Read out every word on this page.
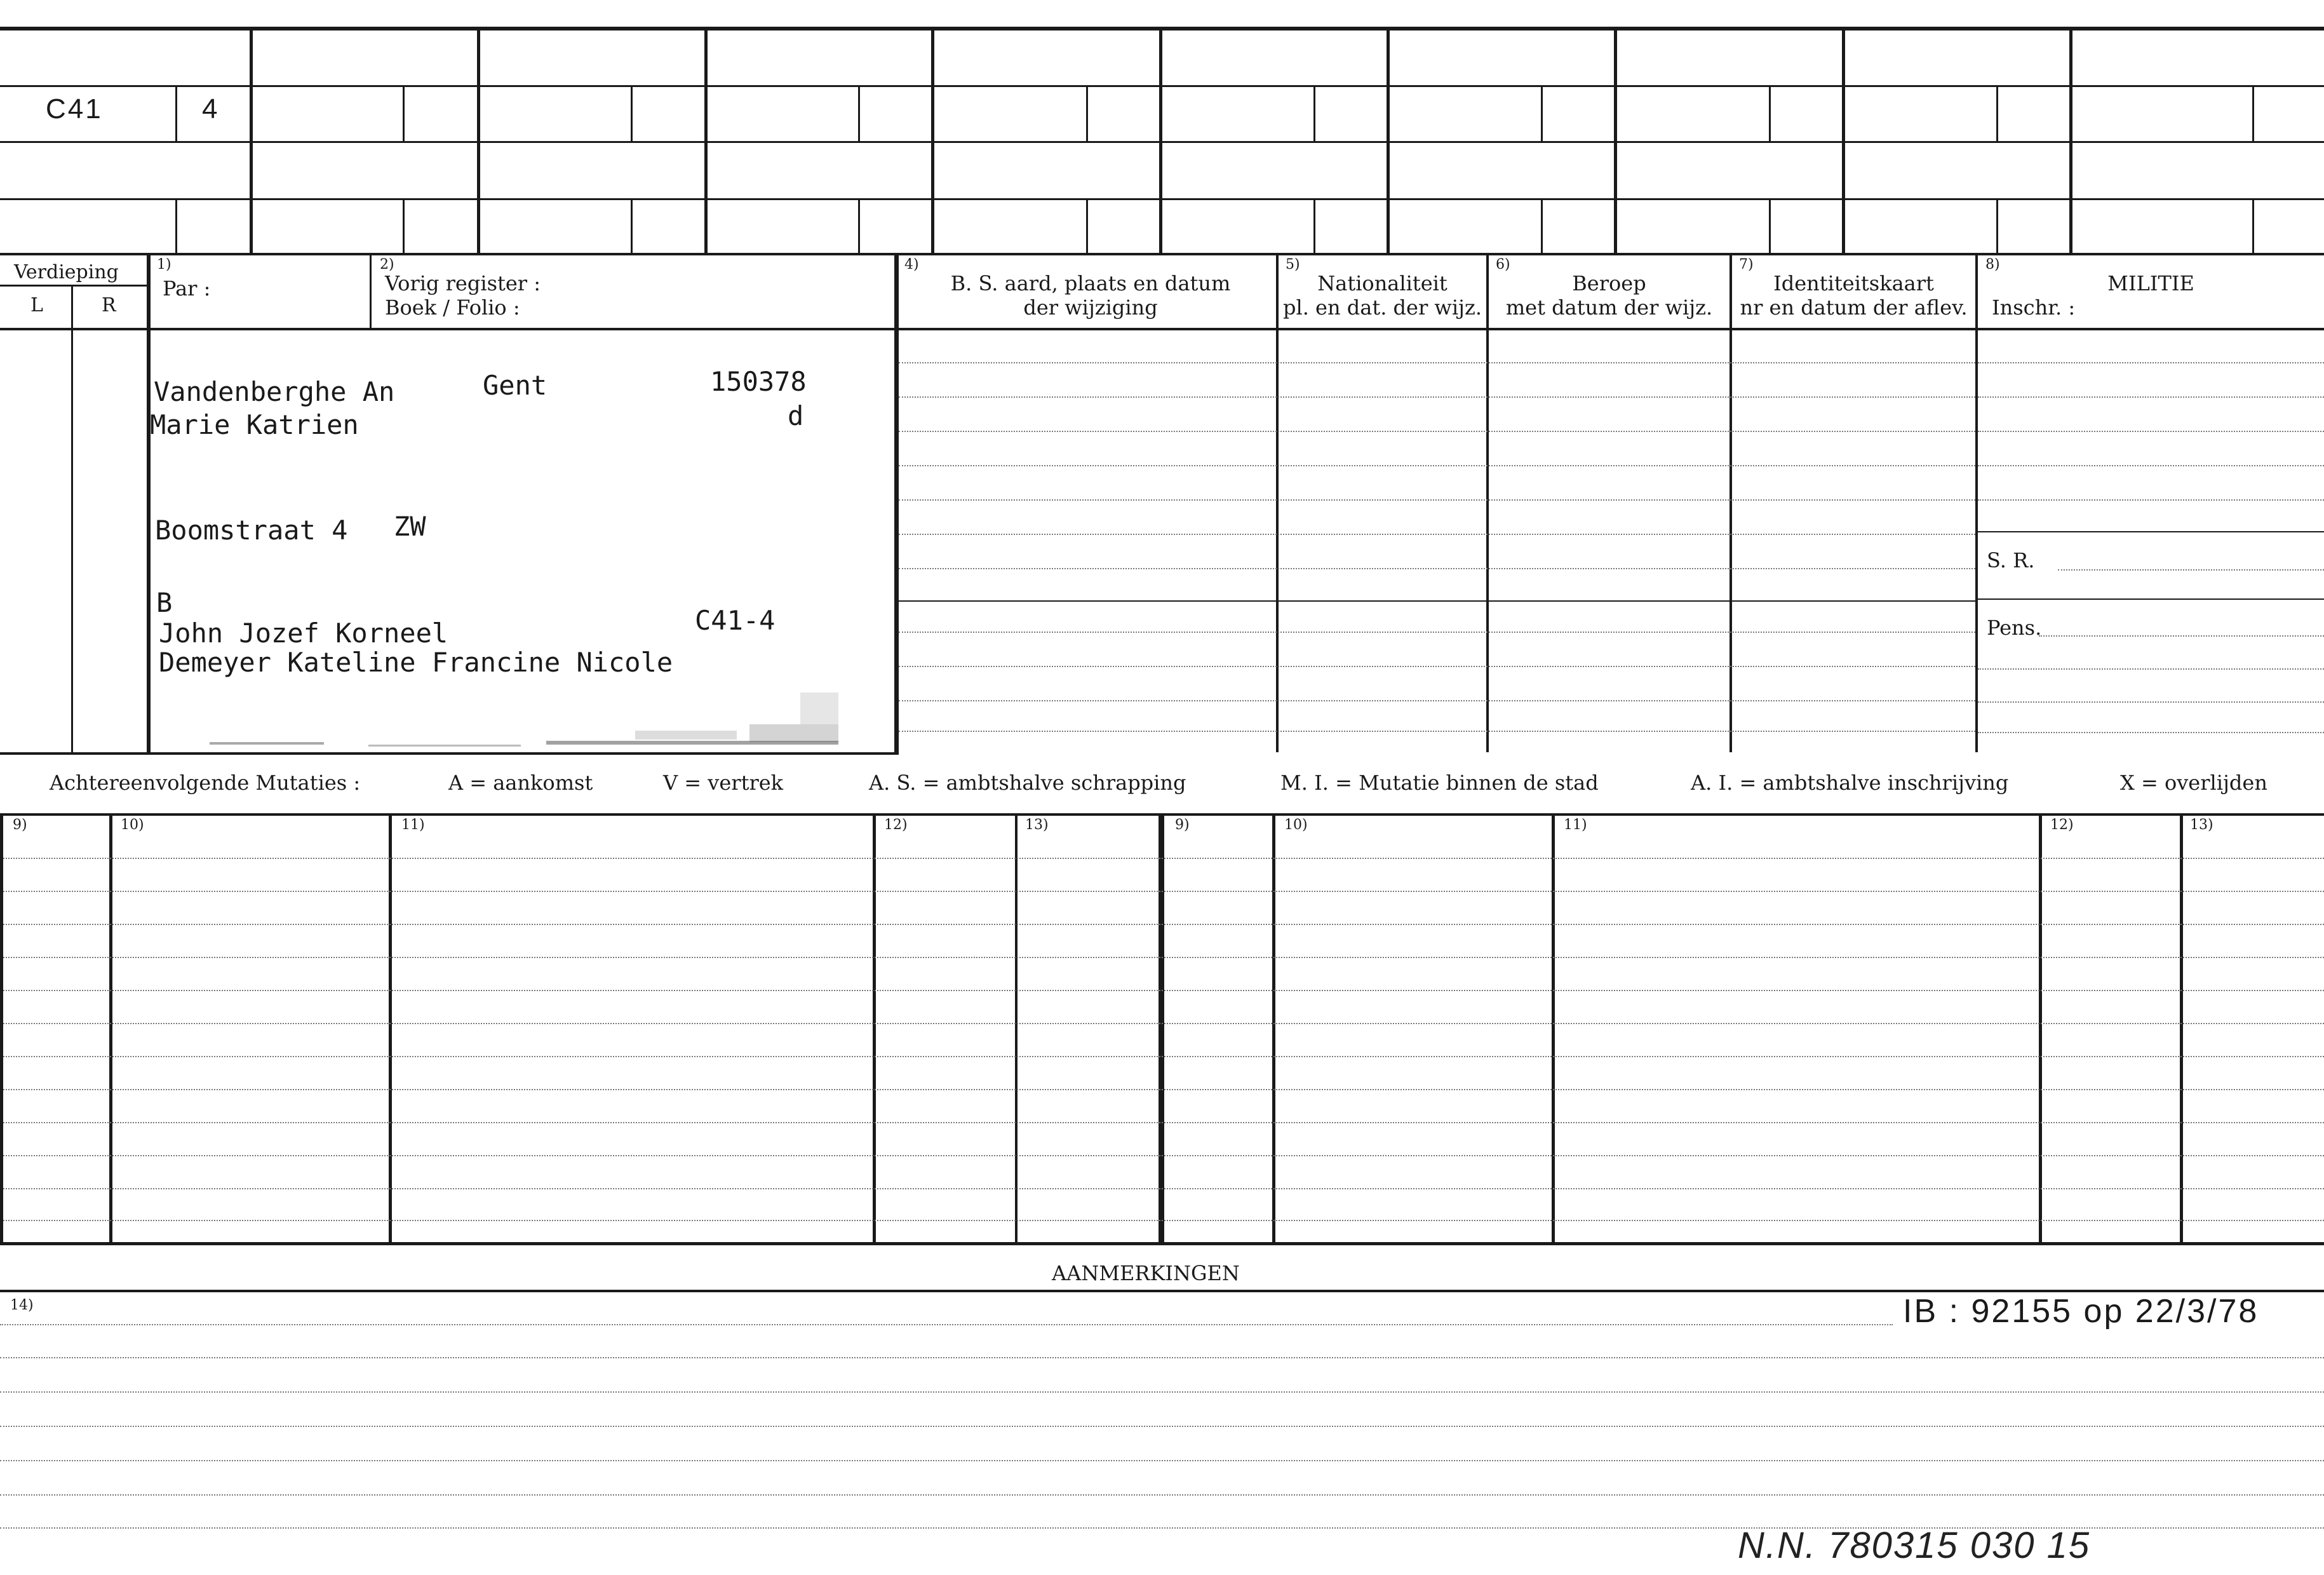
C41	4
Verdieping
L	R
1)
Par :
2)
Vorig register :
Boek / Folio :
4)
B. S. aard, plaats en datum
der wijziging
5)
Nationaliteit
pl. en dat. der wijz.
6)
Beroep
met datum der wijz.
7)
Identiteitskaart
nr en datum der aflev.
8)
MILITIE
Inschr. :
S. R.
Pens.
Vandenberghe An	Gent	150378
d
Marie Katrien
Boomstraat 4 ZW
B
John Jozef Korneel	C41-4
Demeyer Kateline Francine Nicole
Achtereenvolgende Mutaties :	A = aankomst	V = vertrek	A. S. = ambtshalve schrapping	M. I. = Mutatie binnen de stad	A. I. = ambtshalve inschrijving	X = overlijden
9)	10)	11)	12)	13)	9)	10)	11)	12)	13)
AANMERKINGEN
14)	IB : 92155 op 22/3/78
N.N. 780315 030 15
